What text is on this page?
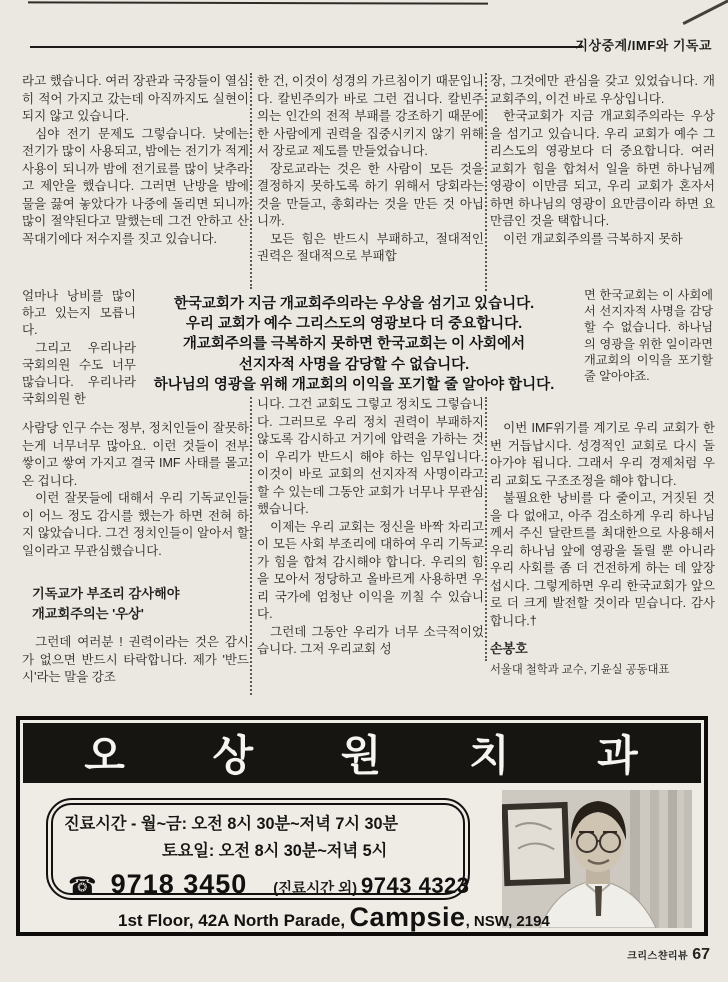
지상중계/IMF와 기독교

라고 했습니다. 여러 장관과 국장들이 열심히 적어 가지고 갔는데 아직까지도 실현이 되지 않고 있습니다.

심야 전기 문제도 그렇습니다. 낮에는 전기가 많이 사용되고, 밤에는 전기가 적게 사용이 되니까 밤에 전기료를 많이 낮추라고 제안을 했습니다. 그러면 난방을 밤에 물을 끓여 놓았다가 나중에 돌리면 되니까 많이 절약된다고 말했는데 그건 안하고 산꼭대기에다 저수지를 짓고 있습니다.

얼마나 낭비를 많이 하고 있는지 모릅니다.

그리고 우리나라 국회의원 수도 너무 많습니다. 우리나라 국회의원 한

사람당 인구 수는 정부, 정치인들이 잘못하는게 너무너무 많아요. 이런 것들이 전부 쌓이고 쌓여 가지고 결국 IMF 사태를 몰고 온 겁니다.

이런 잘못들에 대해서 우리 기독교인들이 어느 정도 감시를 했는가 하면 전혀 하지 않았습니다. 그건 정치인들이 알아서 할 일이라고 무관심했습니다.

기독교가 부조리 감사해야

개교회주의는 '우상'

그런데 여러분 ! 권력이라는 것은 감시가 없으면 반드시 타락합니다. 제가 '반드시'라는 말을 강조

한 건, 이것이 성경의 가르침이기 때문입니다. 칼빈주의가 바로 그런 겁니다. 칼빈주의는 인간의 전적 부패를 강조하기 때문에 한 사람에게 권력을 집중시키지 않기 위해서 장로교 제도를 만들었습니다.

장로교라는 것은 한 사람이 모든 것을 결정하지 못하도록 하기 위해서 당회라는 것을 만들고, 총회라는 것을 만든 것 아닙니까.

모든 힘은 반드시 부패하고, 절대적인 권력은 절대적으로 부패합

니다. 그건 교회도 그렇고 정치도 그렇습니다. 그러므로 우리 정치 권력이 부패하지 않도록 감시하고 거기에 압력을 가하는 것이 우리가 반드시 해야 하는 임무입니다. 이것이 바로 교회의 선지자적 사명이라고 할 수 있는데 그동안 교회가 너무나 무관심했습니다.

이제는 우리 교회는 정신을 바짝 차리고 이 모든 사회 부조리에 대하여 우리 기독교가 힘을 합쳐 감시해야 합니다. 우리의 힘을 모아서 정당하고 올바르게 사용하면 우리 국가에 엄청난 이익을 끼칠 수 있습니다.

그런데 그동안 우리가 너무 소극적이었습니다. 그저 우리교회 성

장, 그것에만 관심을 갖고 있었습니다. 개교회주의, 이건 바로 우상입니다.

한국교회가 지금 개교회주의라는 우상을 섬기고 있습니다. 우리 교회가 예수 그리스도의 영광보다 더 중요합니다. 여러 교회가 힘을 합쳐서 일을 하면 하나님께 영광이 이만큼 되고, 우리 교회가 혼자서 하면 하나님의 영광이 요만큼이라 하면 요만큼인 것을 택합니다.

이런 개교회주의를 극복하지 못하

면 한국교회는 이 사회에서 선지자적 사명을 감당할 수 없습니다. 하나님의 영광을 위한 일이라면 개교회의 이익을 포기할 줄 알아야죠.

이번 IMF위기를 계기로 우리 교회가 한 번 거듭납시다. 성경적인 교회로 다시 돌아가야 됩니다. 그래서 우리 경제처럼 우리 교회도 구조조정을 해야 합니다.

불필요한 낭비를 다 줄이고, 거짓된 것을 다 없애고, 아주 검소하게 우리 하나님께서 주신 달란트를 최대한으로 사용해서 우리 하나님 앞에 영광을 돌릴 뿐 아니라 우리 사회를 좀 더 건전하게 하는 데 앞장섭시다. 그렇게하면 우리 한국교회가 앞으로 더 크게 발전할 것이라 믿습니다. 감사합니다.†

손봉호
서울대 철학과 교수, 기윤실 공동대표

한국교회가 지금 개교회주의라는 우상을 섬기고 있습니다.

우리 교회가 예수 그리스도의 영광보다 더 중요합니다.

개교회주의를 극복하지 못하면 한국교회는 이 사회에서

선지자적 사명을 감당할 수 없습니다.

하나님의 영광을 위해 개교회의 이익을 포기할 줄 알아야 합니다.

오 상 원 치 과
진료시간 - 월~금: 오전 8시 30분~저녁 7시 30분
토요일: 오전 8시 30분~저녁 5시
☎ 9718 3450 (진료시간 외) 9743 4323
1st Floor, 42A North Parade, Campsie, NSW, 2194
크리스챤리뷰 67
